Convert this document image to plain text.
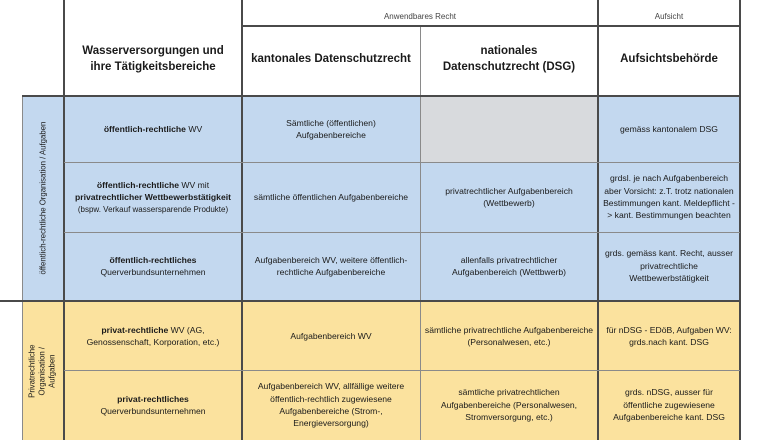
Anwendbares Recht	Aufsicht
Wasserversorgungen und ihre Tätigkeitsbereiche
kantonales Datenschutzrecht
nationales Datenschutzrecht (DSG)
Aufsichtsbehörde
öffentlich-rechtliche Organisation / Aufgaben
Privatrechtliche Organisation / Aufgaben
öffentlich-rechtliche WV
Sämtliche (öffentlichen) Aufgabenbereiche
gemäss kantonalem DSG
öffentlich-rechtliche WV mit
privatrechtlicher Wettbewerbstätigkeit
(bspw. Verkauf wassersparende Produkte)
sämtliche öffentlichen Aufgabenbereiche
privatrechtlicher Aufgabenbereich (Wettbewerb)
grdsl. je nach Aufgabenbereich aber Vorsicht: z.T. trotz nationalen Bestimmungen kant. Meldepflicht -> kant. Bestimmungen beachten
öffentlich-rechtliches
Querverbundsunternehmen
Aufgabenbereich WV, weitere öffentlich-rechtliche Aufgabenbereiche
allenfalls privatrechtlicher Aufgabenbereich (Wettbwerb)
grds. gemäss kant. Recht, ausser privatrechtliche Wettbewerbstätigkeit
privat-rechtliche WV (AG, Genossenschaft, Korporation, etc.)
Aufgabenbereich WV
sämtliche privatrechtliche Aufgabenbereiche (Personalwesen, etc.)
für nDSG - EDöB, Aufgaben WV: grds.nach kant. DSG
privat-rechtliches
Querverbundsunternehmen
Aufgabenbereich WV, allfällige weitere öffentlich-rechtlich zugewiesene Aufgabenbereiche (Strom-, Energieversorgung)
sämtliche privatrechtlichen Aufgabenbereiche (Personalwesen, Stromversorgung, etc.)
grds. nDSG, ausser für öffentliche zugewiesene Aufgabenbereiche kant. DSG
